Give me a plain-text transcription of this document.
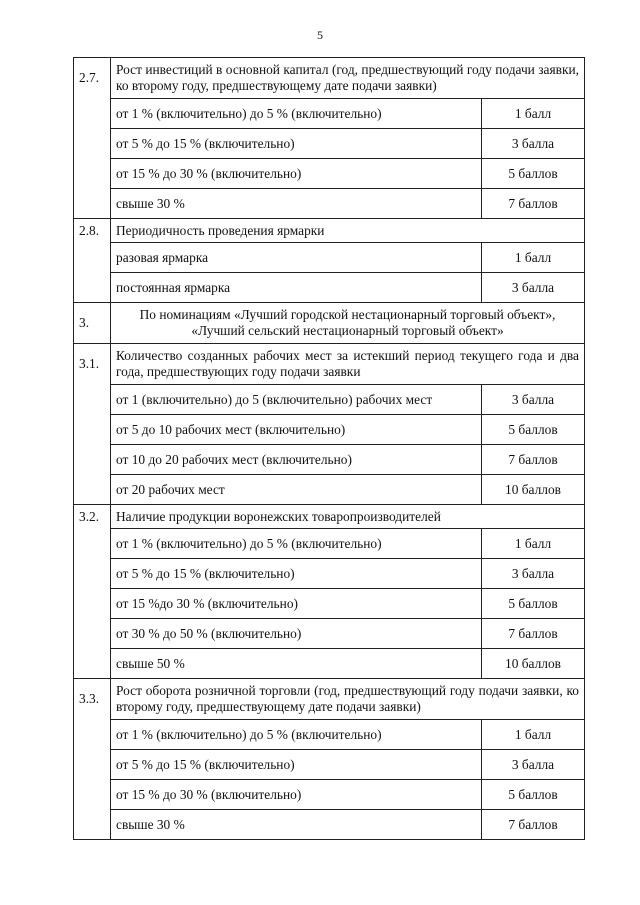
5
2.7.	Рост инвестиций в основной капитал (год, предшествующий году подачи заявки, ко второму году, предшествующему дате подачи заявки)	
	от 1 % (включительно) до 5 % (включительно)	1 балл
	от 5 % до 15 % (включительно)	3 балла
	от 15 % до 30 % (включительно)	5 баллов
	свыше 30 %	7 баллов
2.8.	Периодичность проведения ярмарки	
	разовая ярмарка	1 балл
	постоянная ярмарка	3 балла
3.	По номинациям «Лучший городской нестационарный торговый объект», «Лучший сельский нестационарный торговый объект»	
3.1.	Количество созданных рабочих мест за истекший период текущего года и два года, предшествующих году подачи заявки	
	от 1 (включительно) до 5 (включительно) рабочих мест	3 балла
	от 5 до 10 рабочих мест (включительно)	5 баллов
	от 10 до 20 рабочих мест (включительно)	7 баллов
	от 20 рабочих мест	10 баллов
3.2.	Наличие продукции воронежских товаропроизводителей	
	от 1 % (включительно) до 5 % (включительно)	1 балл
	от 5 % до 15 % (включительно)	3 балла
	от 15 %до 30 % (включительно)	5 баллов
	от 30 % до 50 % (включительно)	7 баллов
	свыше 50 %	10 баллов
3.3.	Рост оборота розничной торговли (год, предшествующий году подачи заявки, ко второму году, предшествующему дате подачи заявки)	
	от 1 % (включительно) до 5 % (включительно)	1 балл
	от 5 % до 15 % (включительно)	3 балла
	от 15 % до 30 % (включительно)	5 баллов
	свыше 30 %	7 баллов
